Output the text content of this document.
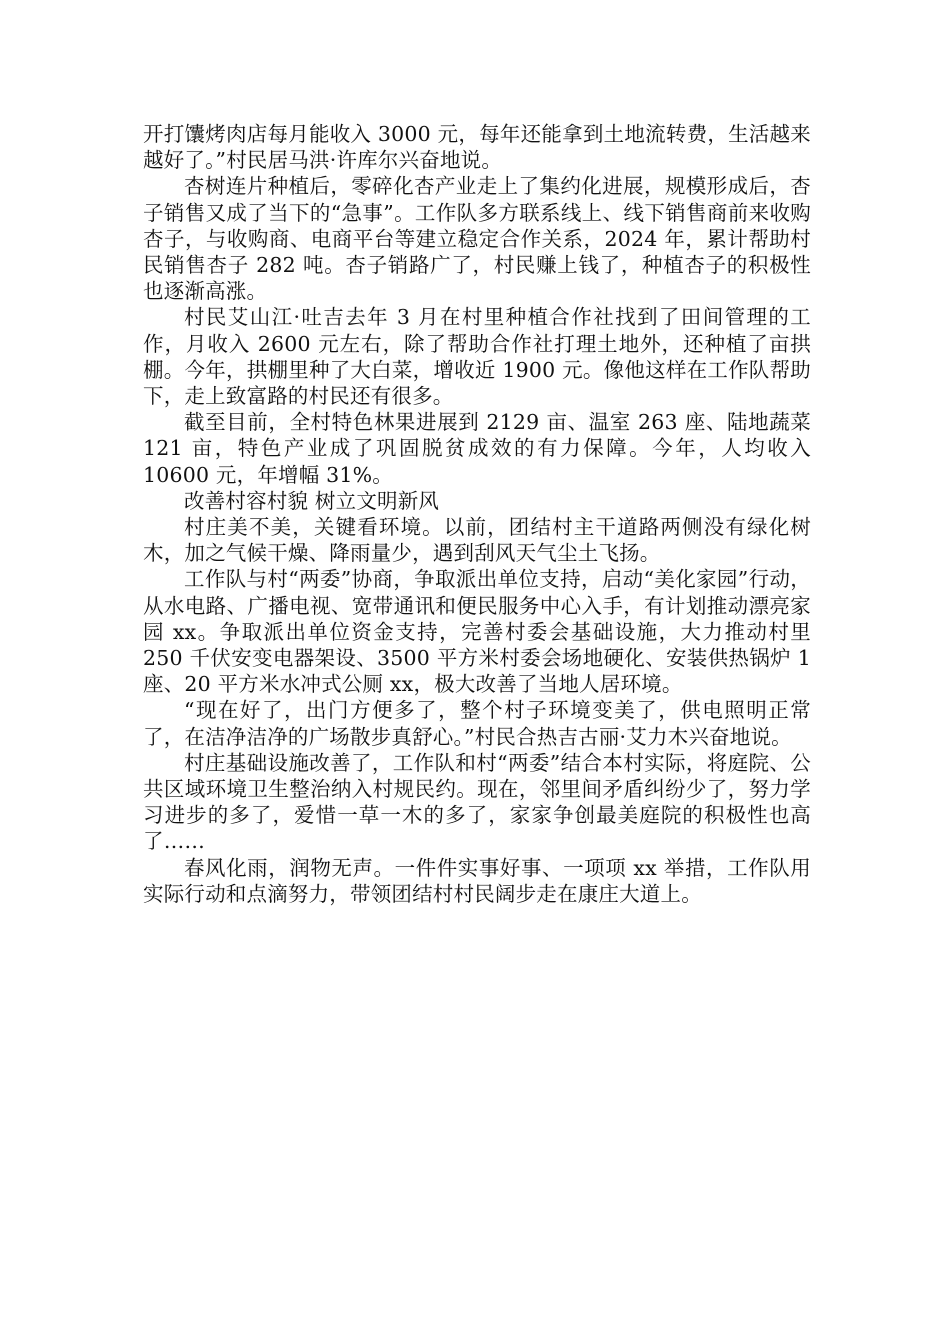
开打馕烤肉店每月能收入 3000 元，每年还能拿到土地流转费，生活越来越好了。”村民居马洪·许库尔兴奋地说。

杏树连片种植后，零碎化杏产业走上了集约化进展，规模形成后，杏子销售又成了当下的“急事”。工作队多方联系线上、线下销售商前来收购杏子，与收购商、电商平台等建立稳定合作关系，2024 年，累计帮助村民销售杏子 282 吨。杏子销路广了，村民赚上钱了，种植杏子的积极性也逐渐高涨。

村民艾山江·吐吉去年 3 月在村里种植合作社找到了田间管理的工作，月收入 2600 元左右，除了帮助合作社打理土地外，还种植了亩拱棚。今年，拱棚里种了大白菜，增收近 1900 元。像他这样在工作队帮助下，走上致富路的村民还有很多。

截至目前，全村特色林果进展到 2129 亩、温室 263 座、陆地蔬菜 121 亩，特色产业成了巩固脱贫成效的有力保障。今年，人均收入 10600 元，年增幅 31%。

改善村容村貌 树立文明新风

村庄美不美，关键看环境。以前，团结村主干道路两侧没有绿化树木，加之气候干燥、降雨量少，遇到刮风天气尘土飞扬。

工作队与村“两委”协商，争取派出单位支持，启动“美化家园”行动，从水电路、广播电视、宽带通讯和便民服务中心入手，有计划推动漂亮家园 xx。争取派出单位资金支持，完善村委会基础设施，大力推动村里 250 千伏安变电器架设、3500 平方米村委会场地硬化、安装供热锅炉 1 座、20 平方米水冲式公厕 xx，极大改善了当地人居环境。

“现在好了，出门方便多了，整个村子环境变美了，供电照明正常了，在洁净洁净的广场散步真舒心。”村民合热吉古丽·艾力木兴奋地说。

村庄基础设施改善了，工作队和村“两委”结合本村实际，将庭院、公共区域环境卫生整治纳入村规民约。现在，邻里间矛盾纠纷少了，努力学习进步的多了，爱惜一草一木的多了，家家争创最美庭院的积极性也高了……

春风化雨，润物无声。一件件实事好事、一项项 xx 举措，工作队用实际行动和点滴努力，带领团结村村民阔步走在康庄大道上。
